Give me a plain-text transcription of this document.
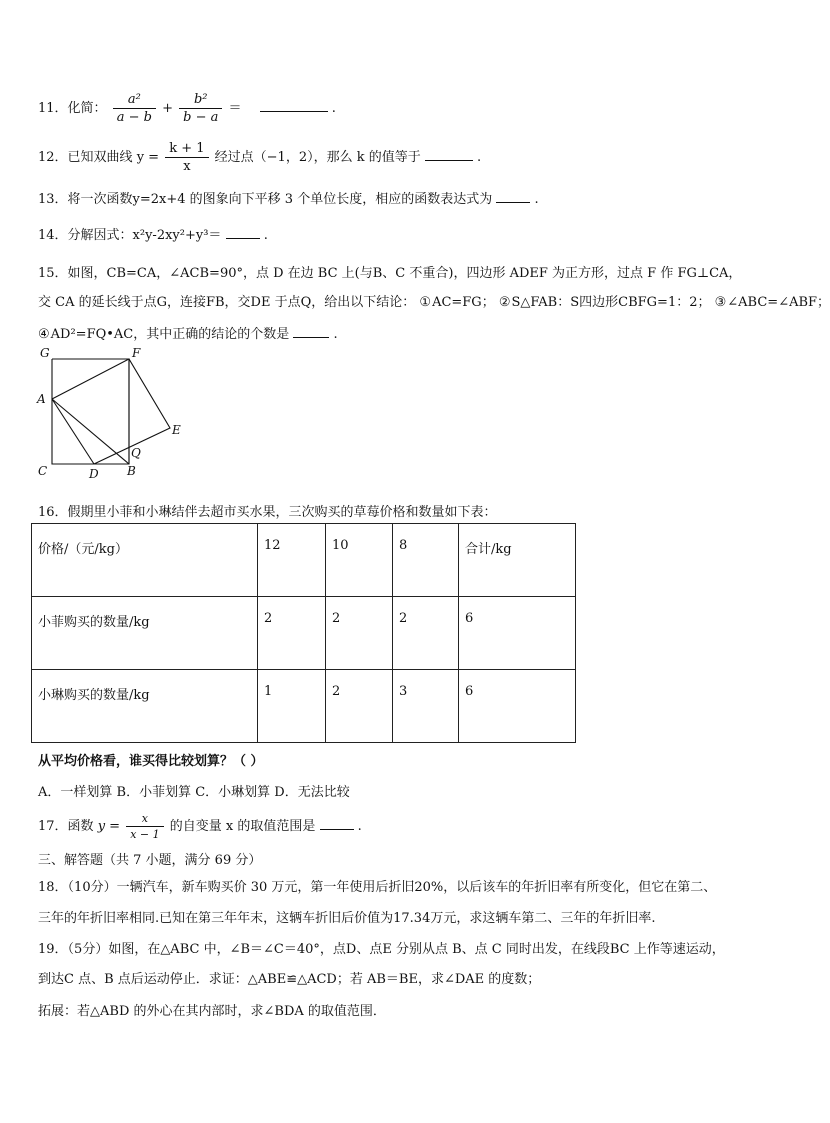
11．化简： $\frac{\text{a²}}{a - b} + \frac{\text{b²}}{b - a}$ ＝	.
12．已知双曲线 $y = \frac{k + 1}{x}$ 经过点（−1，2），那么 k 的值等于	.
13．将一次函数y=2x+4 的图象向下平移 3 个单位长度，相应的函数表达式为	.
14．分解因式：x²y-2xy²+y³＝	.
15．如图，CB=CA，∠ACB=90°，点 D 在边 BC 上(与B、C 不重合)，四边形 ADEF 为正方形，过点 F 作 FG⊥CA，
交 CA 的延长线于点G，连接FB，交DE 于点Q，给出以下结论： ①AC=FG； ②S△FAB：S四边形CBFG=1：2； ③∠ABC=∠ABF；
④AD²=FQ•AC，其中正确的结论的个数是	.
G	F
A
E
C	D
Q
B
16．假期里小菲和小琳结伴去超市买水果，三次购买的草莓价格和数量如下表：
价格/（元/kg）	12	10	8	合计/kg
小菲购买的数量/kg	2	2	2	6
小琳购买的数量/kg	1	2	3	6
从平均价格看，谁买得比较划算？（ ）
A．一样划算 B．小菲划算 C．小琳划算 D．无法比较
17．函数 $y = \frac{x}{x - 1}$ 的自变量 x 的取值范围是	.
三、解答题（共 7 小题，满分 69 分）
18．（10分）一辆汽车，新车购买价 30 万元，第一年使用后折旧20%，以后该车的年折旧率有所变化，但它在第二、
三年的年折旧率相同.已知在第三年年末，这辆车折旧后价值为17.34万元，求这辆车第二、三年的年折旧率.
19．（5分）如图，在△ABC 中，∠B＝∠C＝40°，点D、点E 分别从点 B、点 C 同时出发，在线段BC 上作等速运动，
到达C 点、B 点后运动停止．求证：△ABE≌△ACD；若 AB＝BE，求∠DAE 的度数；
拓展：若△ABD 的外心在其内部时，求∠BDA 的取值范围．
